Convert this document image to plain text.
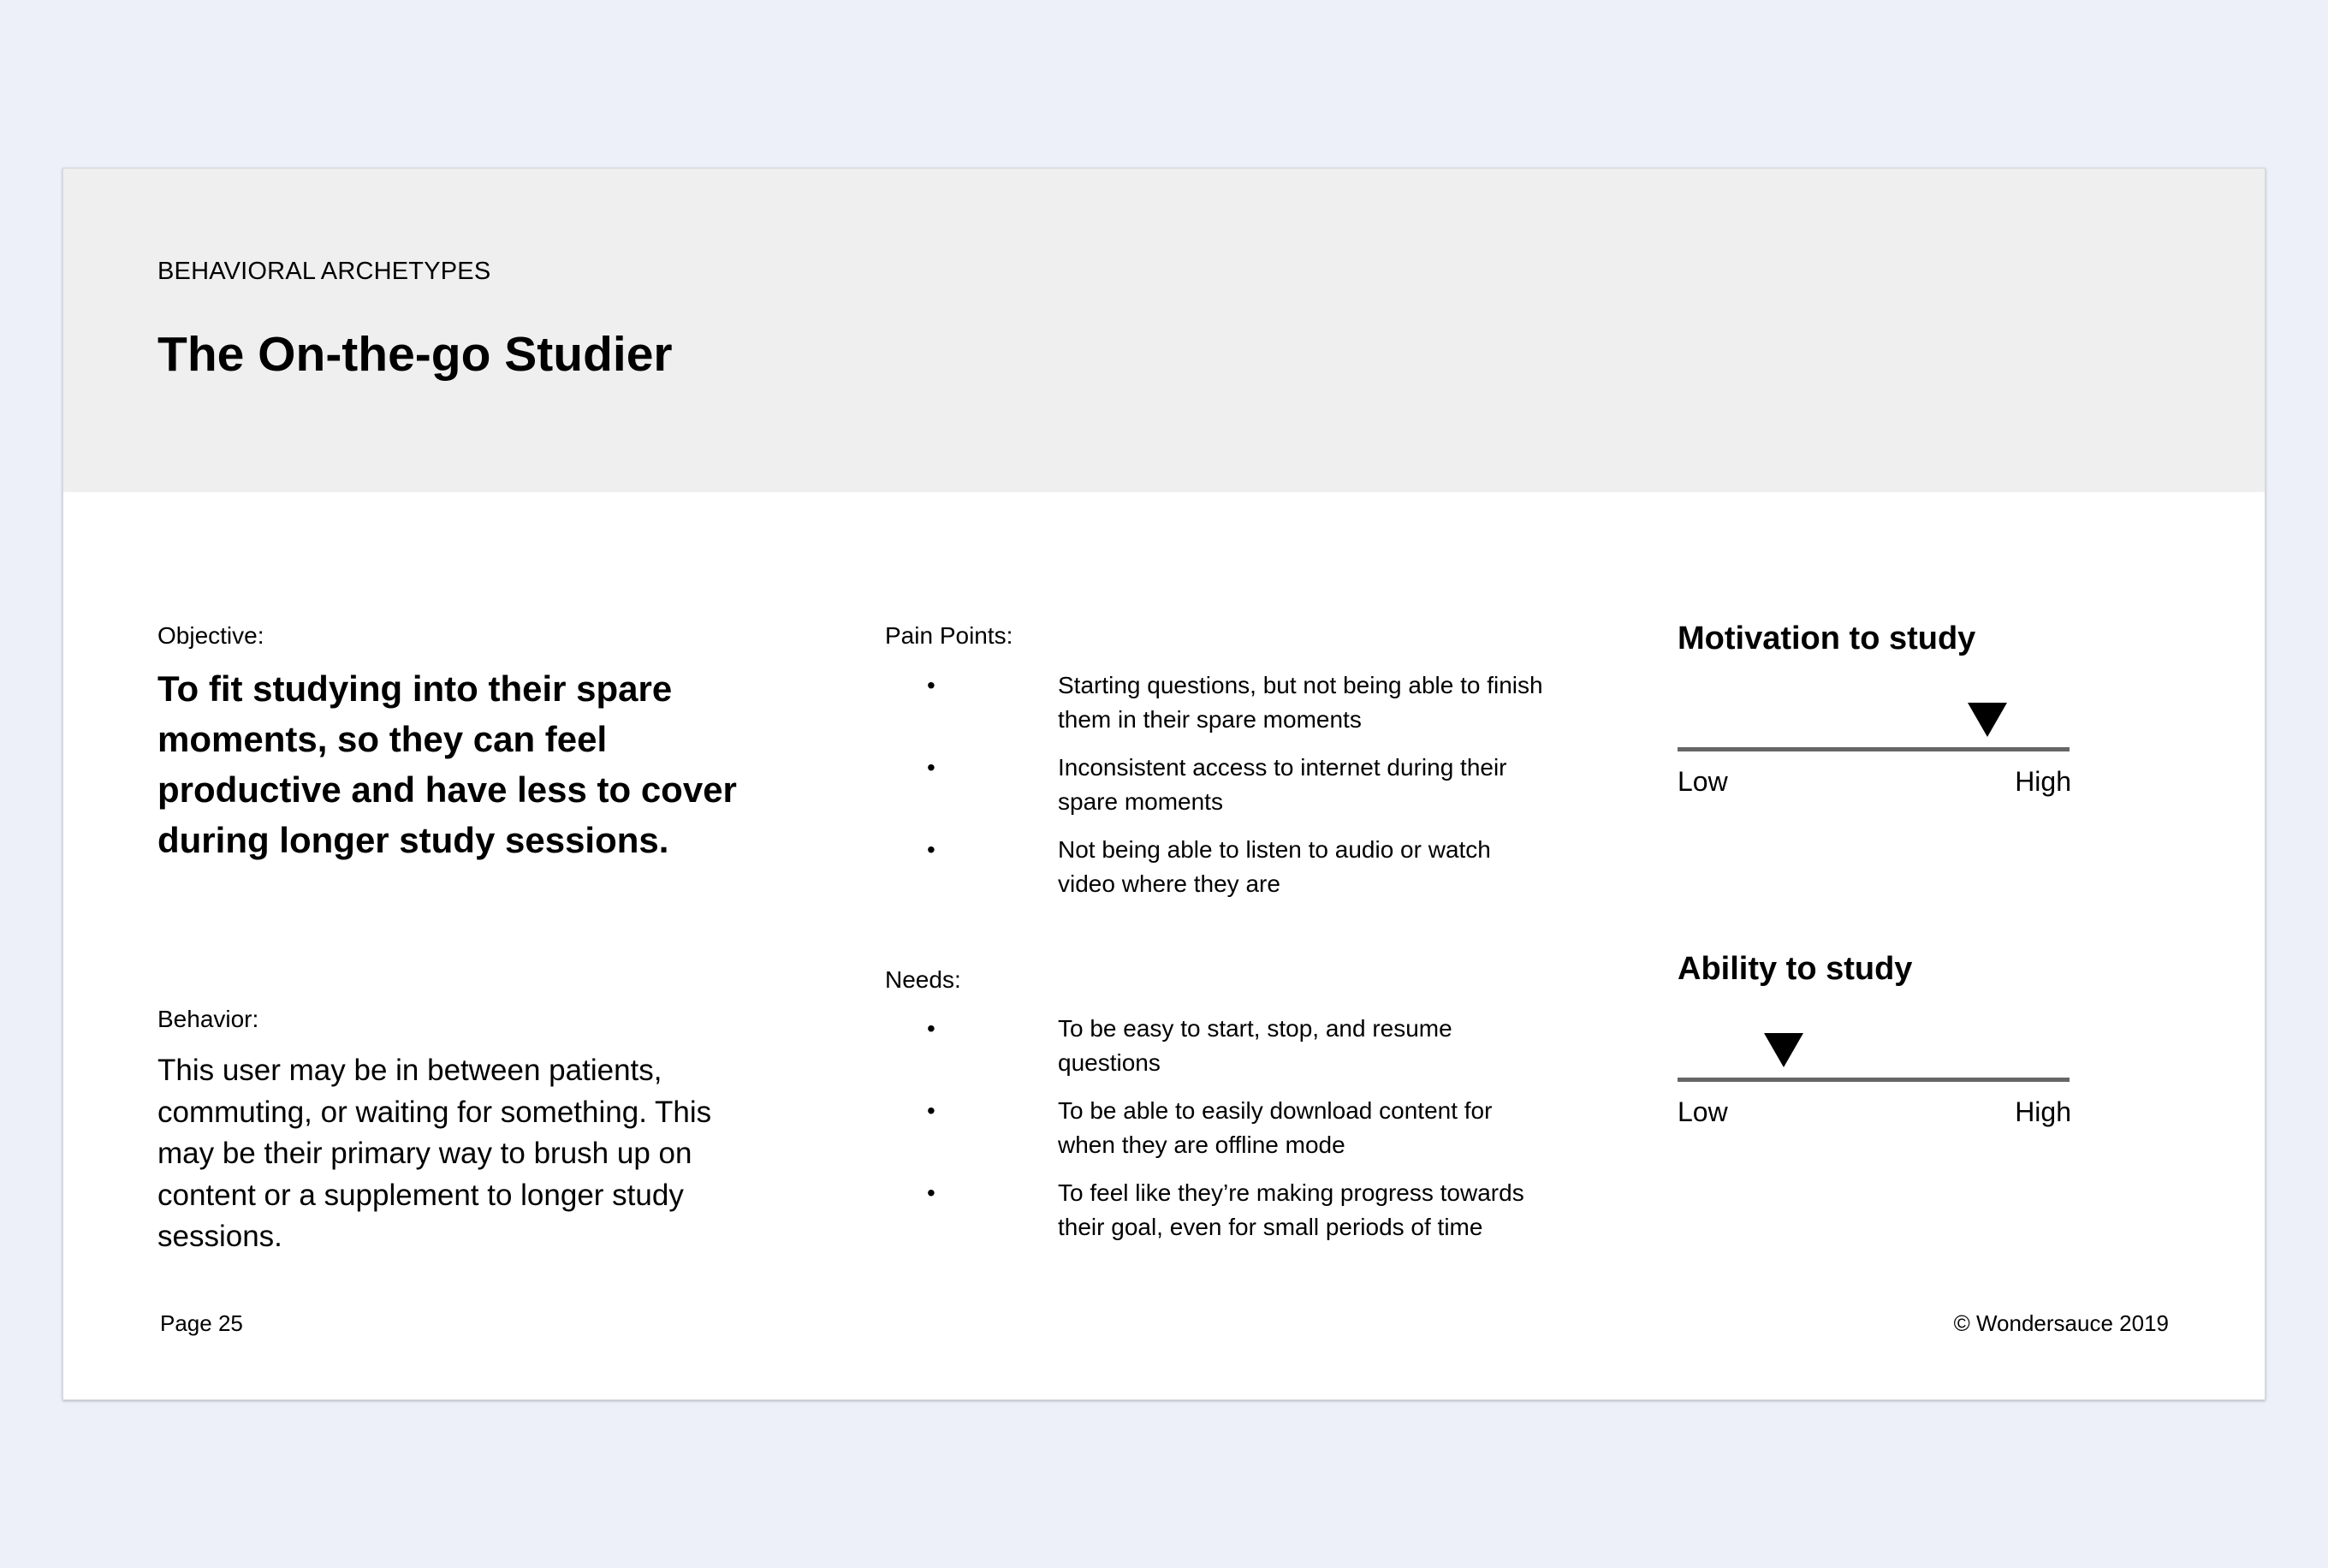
BEHAVIORAL ARCHETYPES
The On-the-go Studier
Objective:

To fit studying into their spare moments, so they can feel productive and have less to cover during longer study sessions.

Behavior:

This user may be in between patients, commuting, or waiting for something. This may be their primary way to brush up on content or a supplement to longer study sessions.

Pain Points:
•	Starting questions, but not being able to finish them in their spare moments
•	Inconsistent access to internet during their spare moments
•	Not being able to listen to audio or watch video where they are
Needs:
•	To be easy to start, stop, and resume questions
•	To be able to easily download content for when they are offline mode
•	To feel like they’re making progress towards their goal, even for small periods of time
Motivation to study
Low	High
Ability to study
Low	High
Page 25	© Wondersauce 2019
